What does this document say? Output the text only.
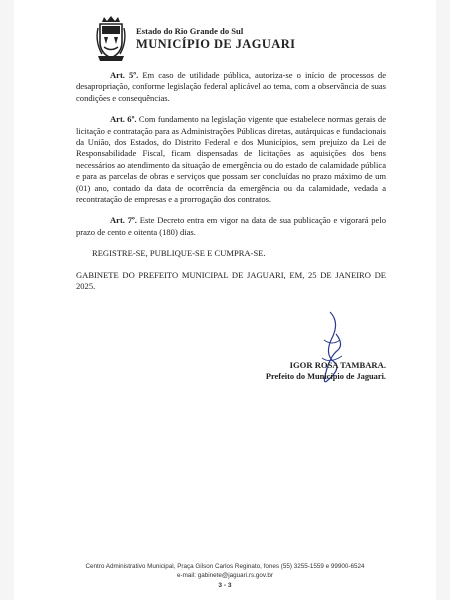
Estado do Rio Grande do Sul
MUNICÍPIO DE JAGUARI

Art. 5º. Em caso de utilidade pública, autoriza-se o início de processos de desapropriação, conforme legislação federal aplicável ao tema, com a observância de suas condições e consequências.

Art. 6º. Com fundamento na legislação vigente que estabelece normas gerais de licitação e contratação para as Administrações Públicas diretas, autárquicas e fundacionais da União, dos Estados, do Distrito Federal e dos Municípios, sem prejuízo da Lei de Responsabilidade Fiscal, ficam dispensadas de licitações as aquisições dos bens necessários ao atendimento da situação de emergência ou do estado de calamidade pública e para as parcelas de obras e serviços que possam ser concluídas no prazo máximo de um (01) ano, contado da data de ocorrência da emergência ou da calamidade, vedada a recontratação de empresas e a prorrogação dos contratos.

Art. 7º. Este Decreto entra em vigor na data de sua publicação e vigorará pelo prazo de cento e oitenta (180) dias.

REGISTRE-SE, PUBLIQUE-SE E CUMPRA-SE.

GABINETE DO PREFEITO MUNICIPAL DE JAGUARI, EM, 25 DE JANEIRO DE 2025.

IGOR ROSA TAMBARA.
Prefeito do Município de Jaguari.
Centro Administrativo Municipal, Praça Gilson Carlos Reginato, fones (55) 3255-1559 e 99900-6524
e-mail: gabinete@jaguari.rs.gov.br
3 - 3
